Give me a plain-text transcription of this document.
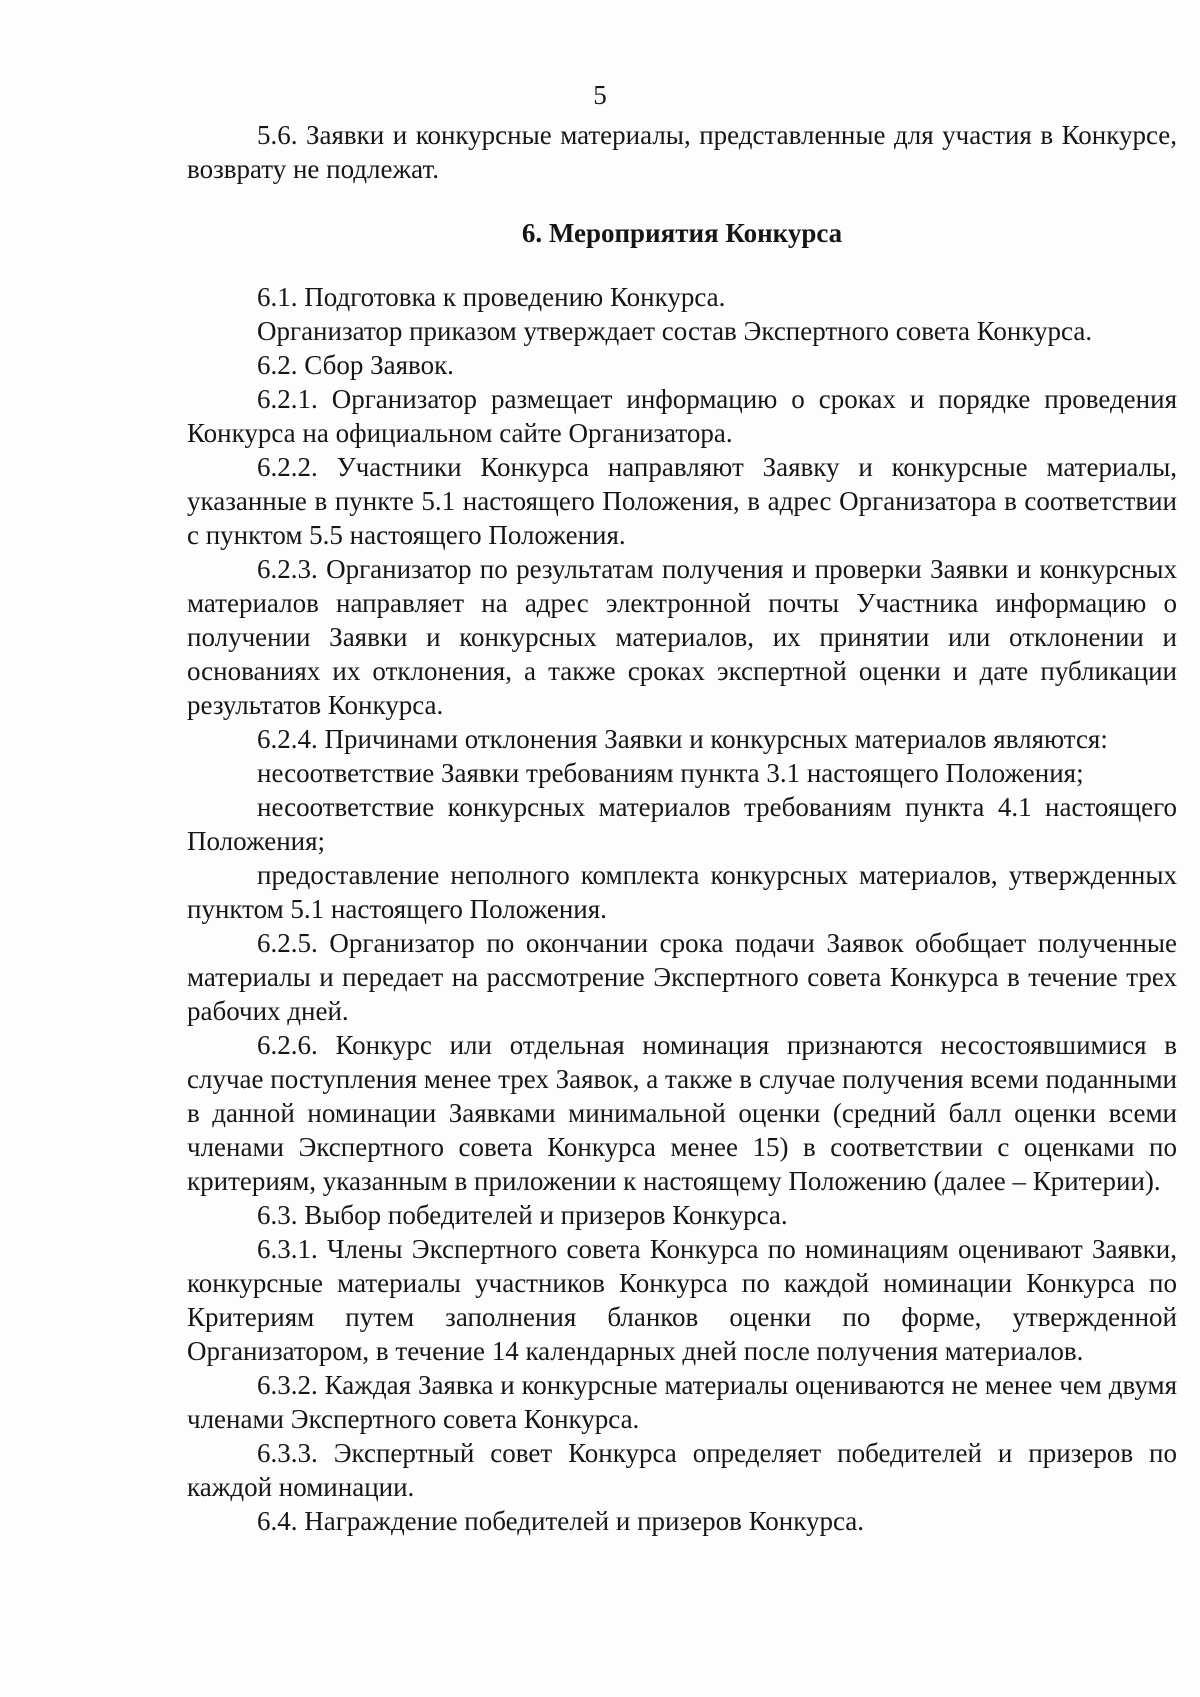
5

5.6. Заявки и конкурсные материалы, представленные для участия в Конкурсе, возврату не подлежат.

6. Мероприятия Конкурса

6.1. Подготовка к проведению Конкурса.

Организатор приказом утверждает состав Экспертного совета Конкурса.

6.2. Сбор Заявок.

6.2.1. Организатор размещает информацию о сроках и порядке проведения Конкурса на официальном сайте Организатора.

6.2.2. Участники Конкурса направляют Заявку и конкурсные материалы, указанные в пункте 5.1 настоящего Положения, в адрес Организатора в соответствии с пунктом 5.5 настоящего Положения.

6.2.3. Организатор по результатам получения и проверки Заявки и конкурсных материалов направляет на адрес электронной почты Участника информацию о получении Заявки и конкурсных материалов, их принятии или отклонении и основаниях их отклонения, а также сроках экспертной оценки и дате публикации результатов Конкурса.

6.2.4. Причинами отклонения Заявки и конкурсных материалов являются:

несоответствие Заявки требованиям пункта 3.1 настоящего Положения;

несоответствие конкурсных материалов требованиям пункта 4.1 настоящего Положения;

предоставление неполного комплекта конкурсных материалов, утвержденных пунктом 5.1 настоящего Положения.

6.2.5. Организатор по окончании срока подачи Заявок обобщает полученные материалы и передает на рассмотрение Экспертного совета Конкурса в течение трех рабочих дней.

6.2.6. Конкурс или отдельная номинация признаются несостоявшимися в случае поступления менее трех Заявок, а также в случае получения всеми поданными в данной номинации Заявками минимальной оценки (средний балл оценки всеми членами Экспертного совета Конкурса менее 15) в соответствии с оценками по критериям, указанным в приложении к настоящему Положению (далее – Критерии).

6.3. Выбор победителей и призеров Конкурса.

6.3.1. Члены Экспертного совета Конкурса по номинациям оценивают Заявки, конкурсные материалы участников Конкурса по каждой номинации Конкурса по Критериям путем заполнения бланков оценки по форме, утвержденной Организатором, в течение 14 календарных дней после получения материалов.

6.3.2. Каждая Заявка и конкурсные материалы оцениваются не менее чем двумя членами Экспертного совета Конкурса.

6.3.3. Экспертный совет Конкурса определяет победителей и призеров по каждой номинации.

6.4. Награждение победителей и призеров Конкурса.
